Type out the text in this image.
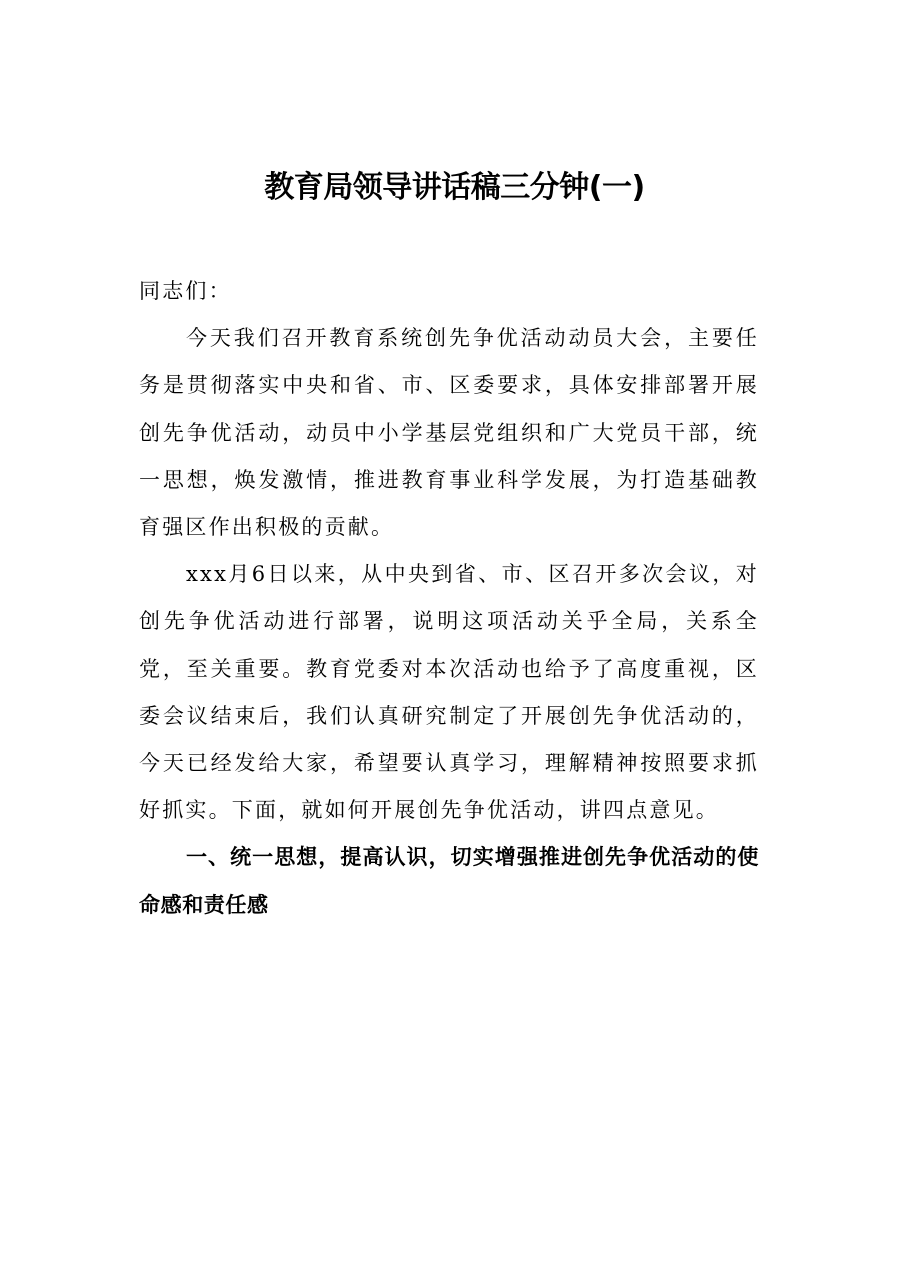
教育局领导讲话稿三分钟(一)

同志们：

今天我们召开教育系统创先争优活动动员大会，主要任务是贯彻落实中央和省、市、区委要求，具体安排部署开展创先争优活动，动员中小学基层党组织和广大党员干部，统一思想，焕发激情，推进教育事业科学发展，为打造基础教育强区作出积极的贡献。

xxx月6日以来，从中央到省、市、区召开多次会议，对创先争优活动进行部署，说明这项活动关乎全局，关系全党，至关重要。教育党委对本次活动也给予了高度重视，区委会议结束后，我们认真研究制定了开展创先争优活动的，今天已经发给大家，希望要认真学习，理解精神按照要求抓好抓实。下面，就如何开展创先争优活动，讲四点意见。

一、统一思想，提高认识，切实增强推进创先争优活动的使命感和责任感
